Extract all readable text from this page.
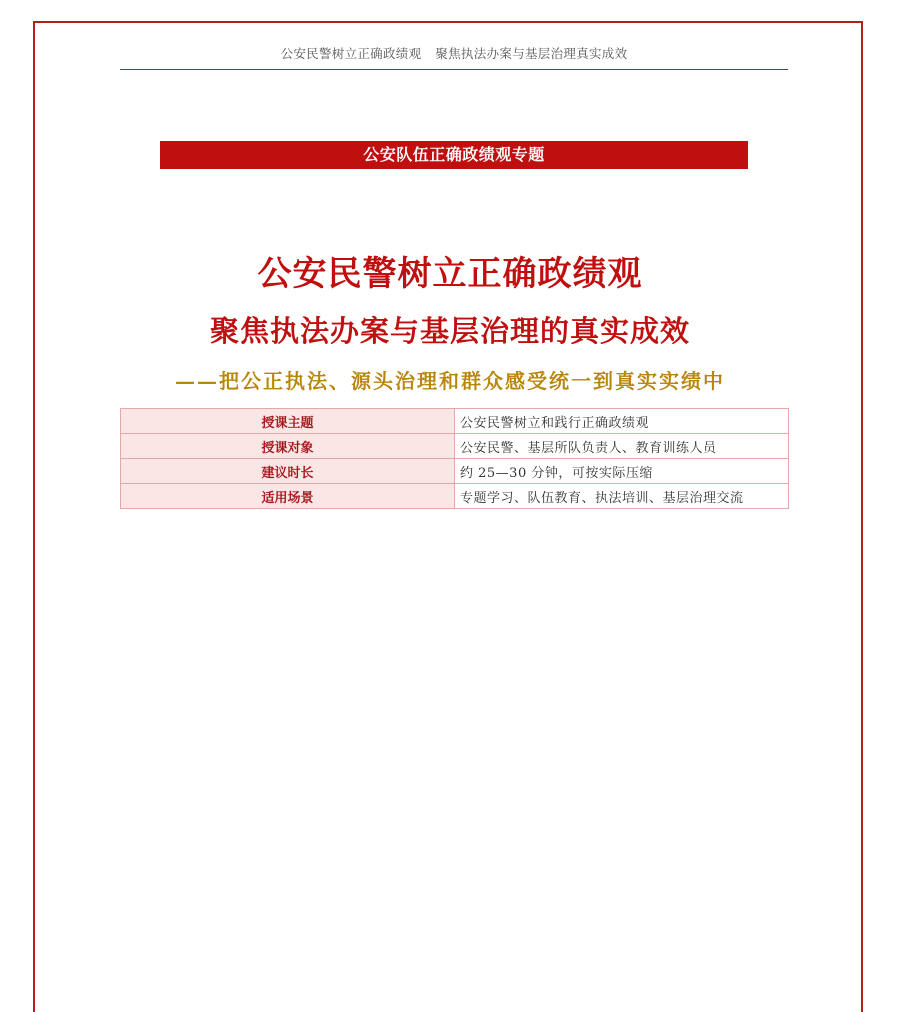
公安民警树立正确政绩观 聚焦执法办案与基层治理真实成效
公安队伍正确政绩观专题
公安民警树立正确政绩观
聚焦执法办案与基层治理的真实成效
——把公正执法、源头治理和群众感受统一到真实实绩中
授课主题	公安民警树立和践行正确政绩观
授课对象	公安民警、基层所队负责人、教育训练人员
建议时长	约 25—30 分钟，可按实际压缩
适用场景	专题学习、队伍教育、执法培训、基层治理交流
